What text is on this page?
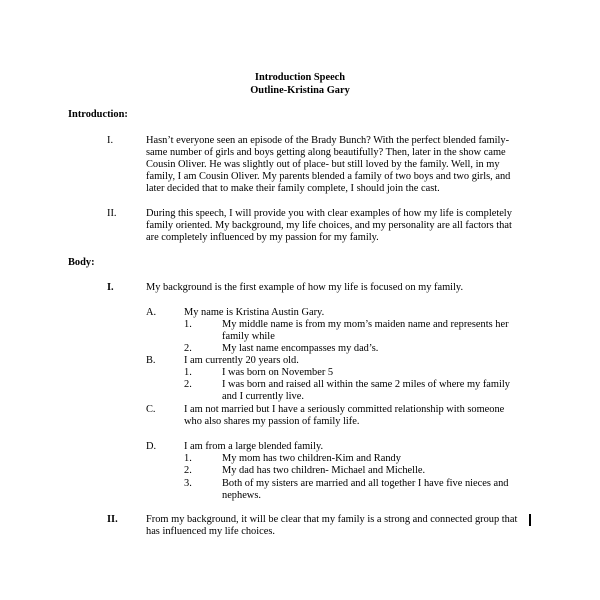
Introduction Speech
Outline-Kristina Gary
Introduction:
I.	Hasn’t everyone seen an episode of the Brady Bunch? With the perfect blended family-
same number of girls and boys getting along beautifully? Then, later in the show came
Cousin Oliver. He was slightly out of place- but still loved by the family. Well, in my
family, I am Cousin Oliver. My parents blended a family of two boys and two girls, and
later decided that to make their family complete, I should join the cast.
II.	During this speech, I will provide you with clear examples of how my life is completely
family oriented. My background, my life choices, and my personality are all factors that
are completely influenced by my passion for my family.
Body:
I.	My background is the first example of how my life is focused on my family.
A.	My name is Kristina Austin Gary.
1.	My middle name is from my mom’s maiden name and represents her
family while
2.	My last name encompasses my dad’s.
B.	I am currently 20 years old.
1.	I was born on November 5
2.	I was born and raised all within the same 2 miles of where my family
and I currently live.
C.	I am not married but I have a seriously committed relationship with someone
who also shares my passion of family life.
D.	I am from a large blended family.
1.	My mom has two children-Kim and Randy
2.	My dad has two children- Michael and Michelle.
3.	Both of my sisters are married and all together I have five nieces and
nephews.
II.	From my background, it will be clear that my family is a strong and connected group that
has influenced my life choices.
